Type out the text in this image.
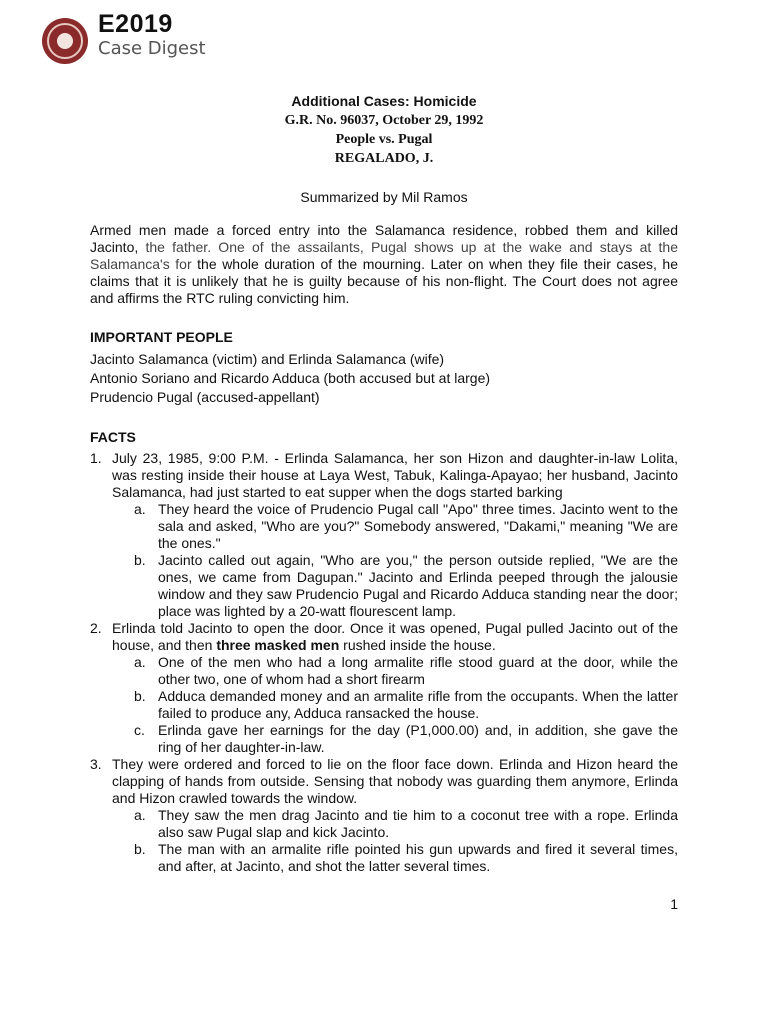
E2019
Case Digest
Additional Cases: Homicide
G.R. No. 96037, October 29, 1992
People vs. Pugal
REGALADO, J.
Summarized by Mil Ramos

Armed men made a forced entry into the Salamanca residence, robbed them and killed Jacinto, the father. One of the assailants, Pugal shows up at the wake and stays at the Salamanca's for the whole duration of the mourning. Later on when they file their cases, he claims that it is unlikely that he is guilty because of his non-flight. The Court does not agree and affirms the RTC ruling convicting him.

IMPORTANT PEOPLE
Jacinto Salamanca (victim) and Erlinda Salamanca (wife)
Antonio Soriano and Ricardo Adduca (both accused but at large)
Prudencio Pugal (accused-appellant)
FACTS
1. July 23, 1985, 9:00 P.M. - Erlinda Salamanca, her son Hizon and daughter-in-law Lolita, was resting inside their house at Laya West, Tabuk, Kalinga-Apayao; her husband, Jacinto Salamanca, had just started to eat supper when the dogs started barking
a. They heard the voice of Prudencio Pugal call "Apo" three times. Jacinto went to the sala and asked, "Who are you?" Somebody answered, "Dakami," meaning "We are the ones."
b. Jacinto called out again, "Who are you," the person outside replied, "We are the ones, we came from Dagupan." Jacinto and Erlinda peeped through the jalousie window and they saw Prudencio Pugal and Ricardo Adduca standing near the door; place was lighted by a 20-watt flourescent lamp.
2. Erlinda told Jacinto to open the door. Once it was opened, Pugal pulled Jacinto out of the house, and then three masked men rushed inside the house.
a. One of the men who had a long armalite rifle stood guard at the door, while the other two, one of whom had a short firearm
b. Adduca demanded money and an armalite rifle from the occupants. When the latter failed to produce any, Adduca ransacked the house.
c. Erlinda gave her earnings for the day (P1,000.00) and, in addition, she gave the ring of her daughter-in-law.
3. They were ordered and forced to lie on the floor face down. Erlinda and Hizon heard the clapping of hands from outside. Sensing that nobody was guarding them anymore, Erlinda and Hizon crawled towards the window.
a. They saw the men drag Jacinto and tie him to a coconut tree with a rope. Erlinda also saw Pugal slap and kick Jacinto.
b. The man with an armalite rifle pointed his gun upwards and fired it several times, and after, at Jacinto, and shot the latter several times.
1
